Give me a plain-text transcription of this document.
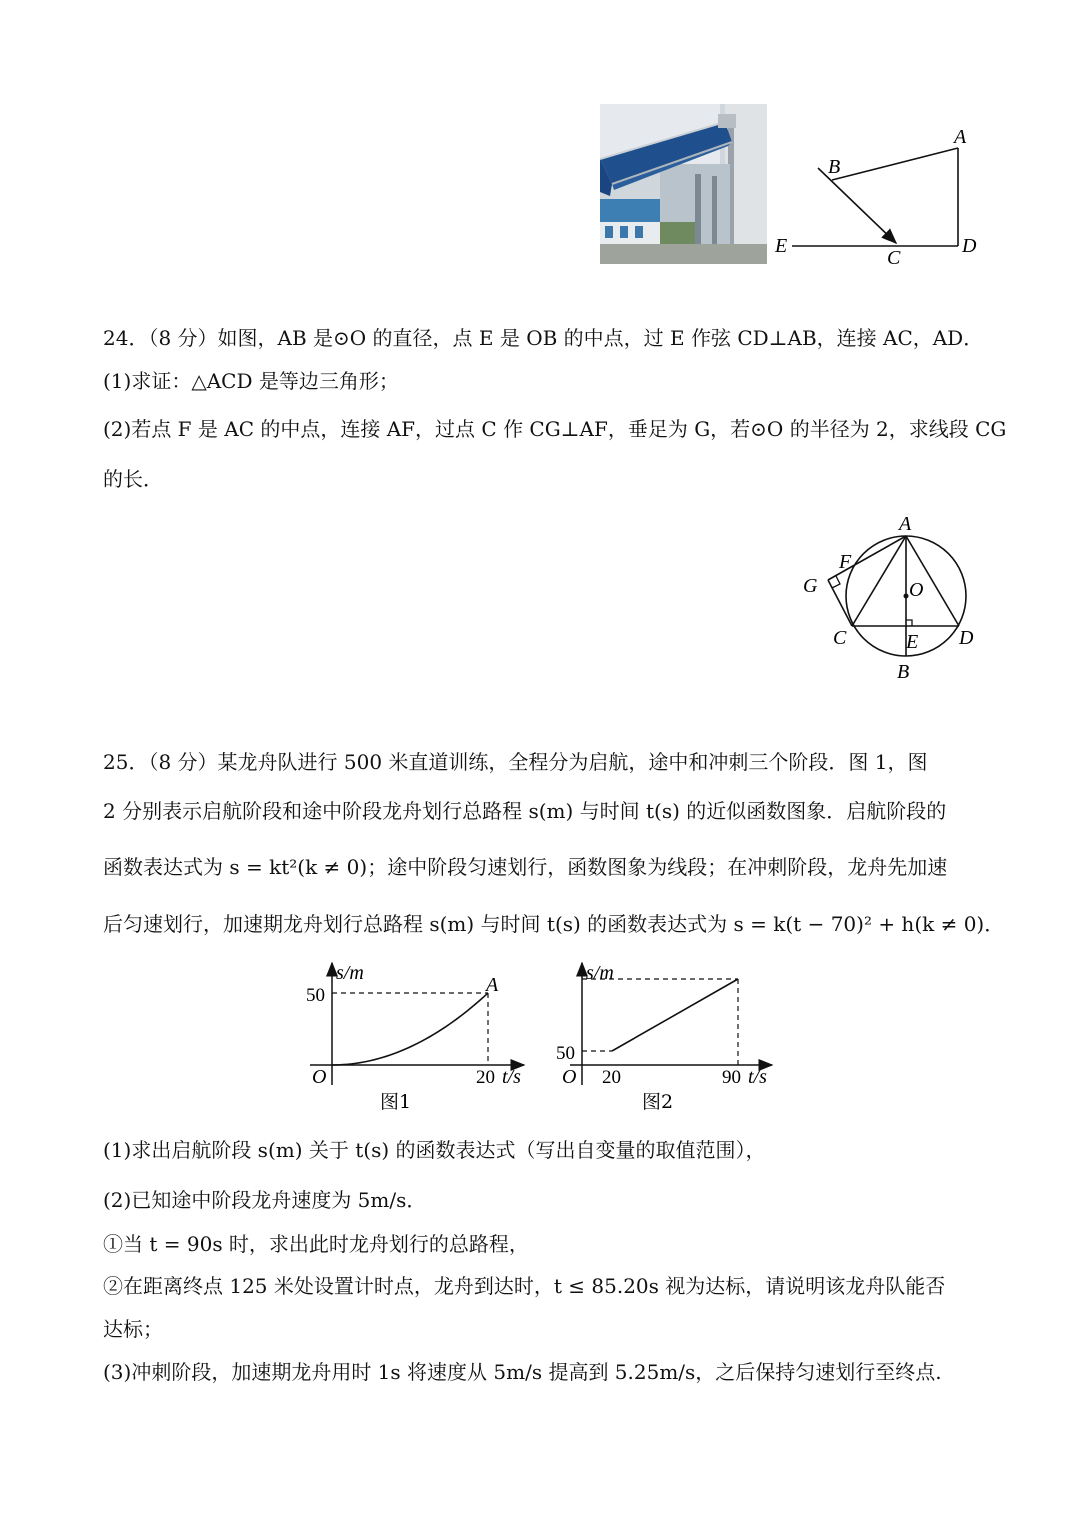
A
B
C
D
E
24．（8 分）如图，AB 是⊙O 的直径，点 E 是 OB 的中点，过 E 作弦 CD⊥AB，连接 AC，AD．
(1)求证：△ACD 是等边三角形；
(2)若点 F 是 AC 的中点，连接 AF，过点 C 作 CG⊥AF，垂足为 G，若⊙O 的半径为 2，求线段 CG
的长．
A
F
G	O
C	E D
B
25．（8 分）某龙舟队进行 500 米直道训练，全程分为启航，途中和冲刺三个阶段．图 1，图
2 分别表示启航阶段和途中阶段龙舟划行总路程 s(m) 与时间 t(s) 的近似函数图象．启航阶段的
函数表达式为 s = kt²(k ≠ 0)；途中阶段匀速划行，函数图象为线段；在冲刺阶段，龙舟先加速
后匀速划行，加速期龙舟划行总路程 s(m) 与时间 t(s) 的函数表达式为 s = k(t − 70)² + h(k ≠ 0)．
s/m
50
O	20 t/s
A
图1
s/m
50
O 20	90 t/s
图2
(1)求出启航阶段 s(m) 关于 t(s) 的函数表达式（写出自变量的取值范围），
(2)已知途中阶段龙舟速度为 5m/s．
①当 t = 90s 时，求出此时龙舟划行的总路程，
②在距离终点 125 米处设置计时点，龙舟到达时，t ≤ 85.20s 视为达标，请说明该龙舟队能否
达标；
(3)冲刺阶段，加速期龙舟用时 1s 将速度从 5m/s 提高到 5.25m/s，之后保持匀速划行至终点.
